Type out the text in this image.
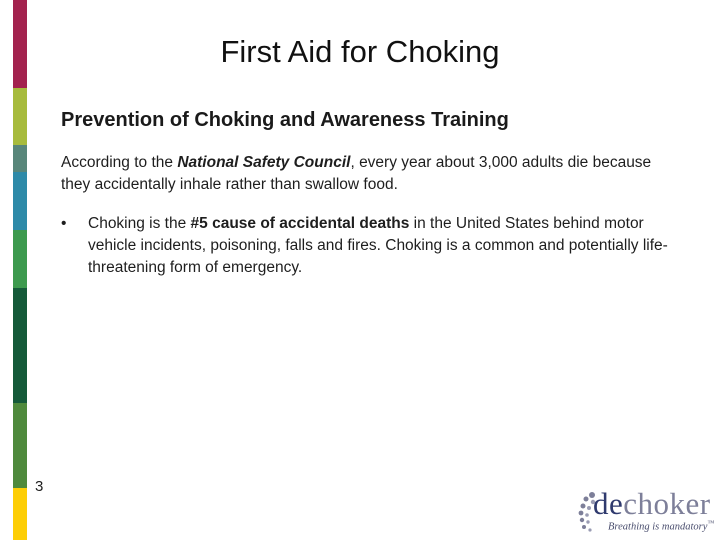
First Aid for Choking
Prevention of Choking and Awareness Training
According to the National Safety Council, every year about 3,000 adults die because they accidentally inhale rather than swallow food.
• Choking is the #5 cause of accidental deaths in the United States behind motor vehicle incidents, poisoning, falls and fires. Choking is a common and potentially life-threatening form of emergency.
3	dechoker
Breathing is mandatory™
